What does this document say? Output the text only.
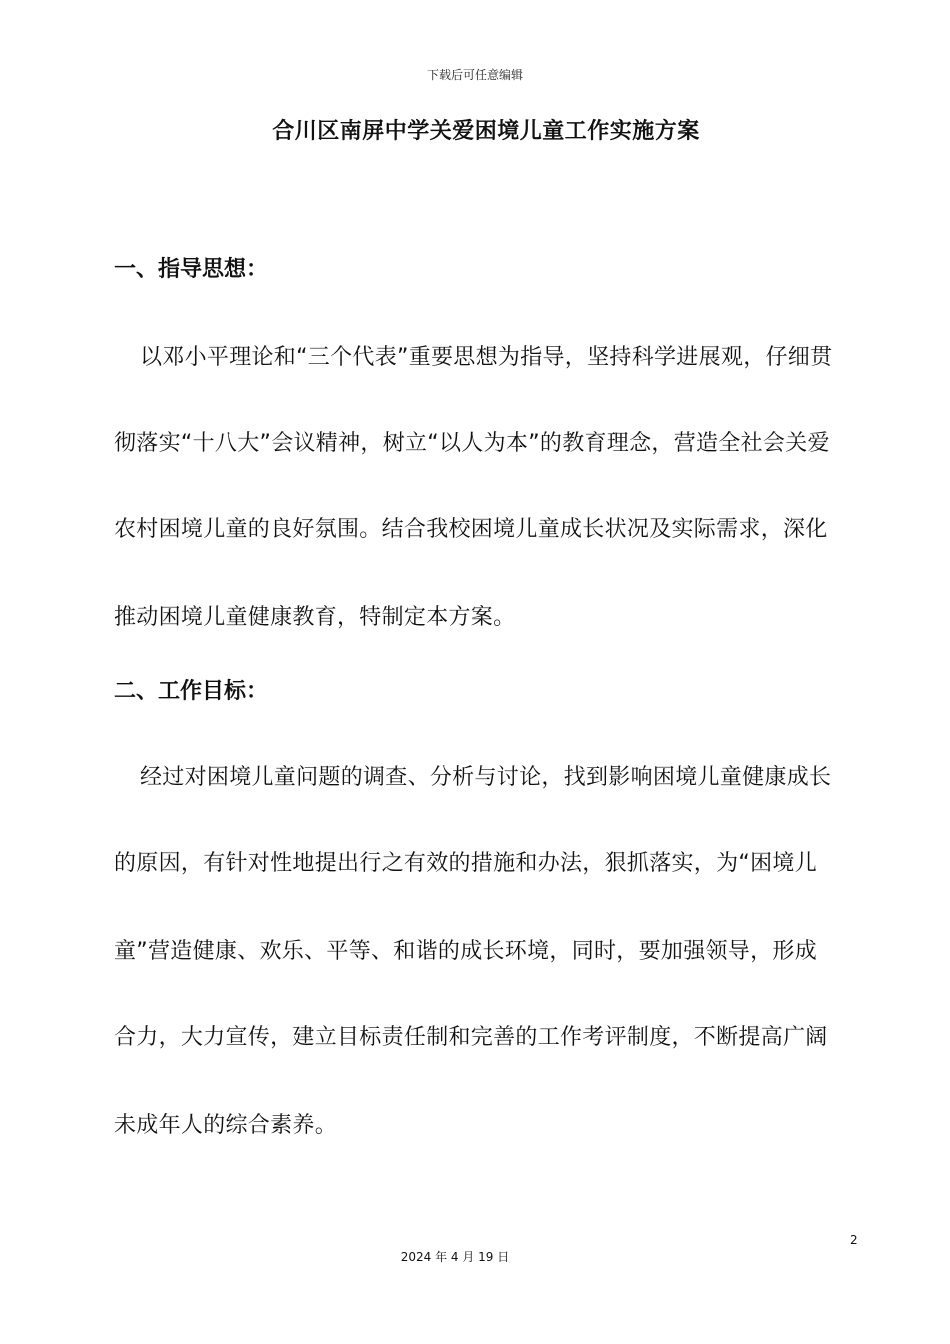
下载后可任意编辑
合川区南屏中学关爱困境儿童工作实施方案
一、指导思想：
以邓小平理论和“三个代表”重要思想为指导，坚持科学进展观，仔细贯
彻落实“十八大”会议精神，树立“以人为本”的教育理念，营造全社会关爱
农村困境儿童的良好氛围。结合我校困境儿童成长状况及实际需求，深化
推动困境儿童健康教育，特制定本方案。
二、工作目标：
经过对困境儿童问题的调查、分析与讨论，找到影响困境儿童健康成长
的原因，有针对性地提出行之有效的措施和办法，狠抓落实，为“困境儿
童”营造健康、欢乐、平等、和谐的成长环境，同时，要加强领导，形成
合力，大力宣传，建立目标责任制和完善的工作考评制度，不断提高广阔
未成年人的综合素养。
2
2024 年 4 月 19 日
